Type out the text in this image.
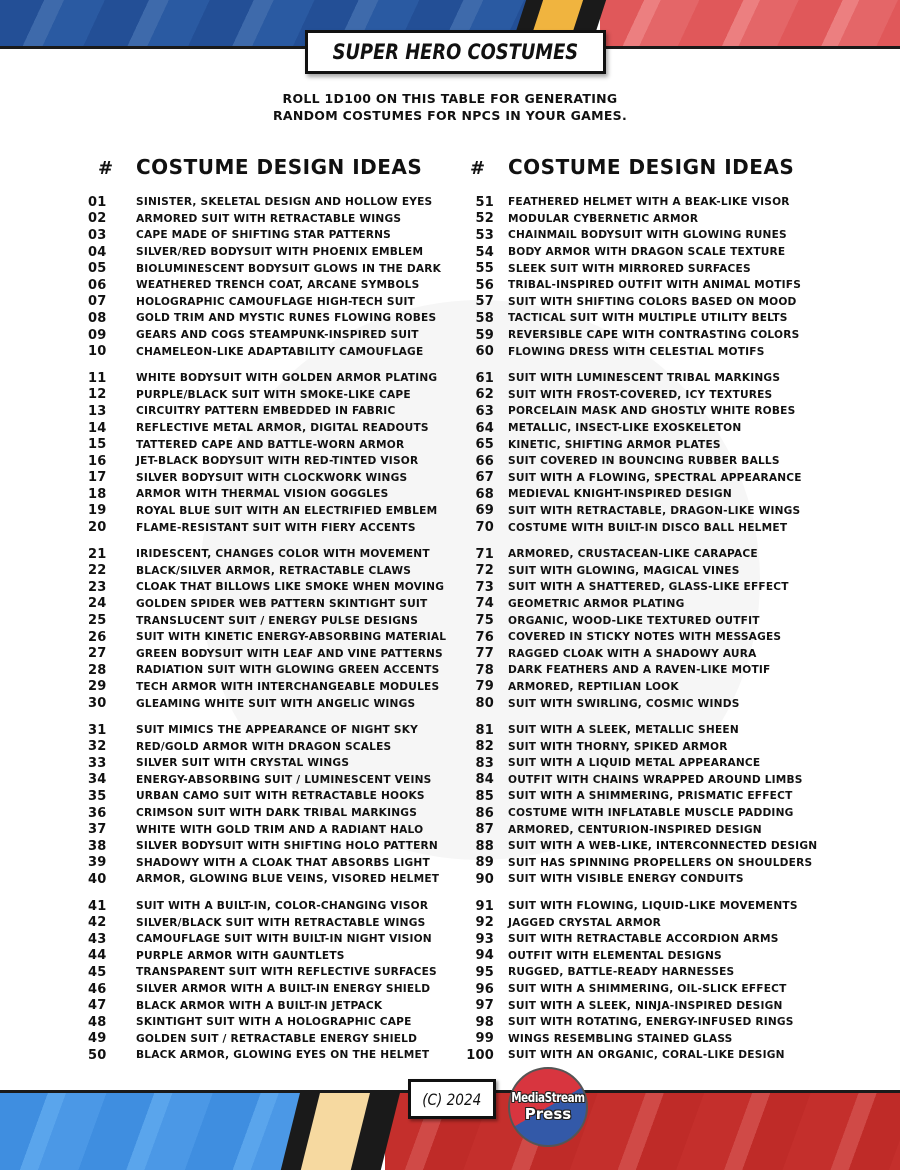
SUPER HERO COSTUMES
ROLL 1D100 ON THIS TABLE FOR GENERATING
RANDOM COSTUMES FOR NPCS IN YOUR GAMES.
#	COSTUME DESIGN IDEAS
01	SINISTER, SKELETAL DESIGN AND HOLLOW EYES
02	ARMORED SUIT WITH RETRACTABLE WINGS
03	CAPE MADE OF SHIFTING STAR PATTERNS
04	SILVER/RED BODYSUIT WITH PHOENIX EMBLEM
05	BIOLUMINESCENT BODYSUIT GLOWS IN THE DARK
06	WEATHERED TRENCH COAT, ARCANE SYMBOLS
07	HOLOGRAPHIC CAMOUFLAGE HIGH-TECH SUIT
08	GOLD TRIM AND MYSTIC RUNES FLOWING ROBES
09	GEARS AND COGS STEAMPUNK-INSPIRED SUIT
10	CHAMELEON-LIKE ADAPTABILITY CAMOUFLAGE
11	WHITE BODYSUIT WITH GOLDEN ARMOR PLATING
12	PURPLE/BLACK SUIT WITH SMOKE-LIKE CAPE
13	CIRCUITRY PATTERN EMBEDDED IN FABRIC
14	REFLECTIVE METAL ARMOR, DIGITAL READOUTS
15	TATTERED CAPE AND BATTLE-WORN ARMOR
16	JET-BLACK BODYSUIT WITH RED-TINTED VISOR
17	SILVER BODYSUIT WITH CLOCKWORK WINGS
18	ARMOR WITH THERMAL VISION GOGGLES
19	ROYAL BLUE SUIT WITH AN ELECTRIFIED EMBLEM
20	FLAME-RESISTANT SUIT WITH FIERY ACCENTS
21	IRIDESCENT, CHANGES COLOR WITH MOVEMENT
22	BLACK/SILVER ARMOR, RETRACTABLE CLAWS
23	CLOAK THAT BILLOWS LIKE SMOKE WHEN MOVING
24	GOLDEN SPIDER WEB PATTERN SKINTIGHT SUIT
25	TRANSLUCENT SUIT / ENERGY PULSE DESIGNS
26	SUIT WITH KINETIC ENERGY-ABSORBING MATERIAL
27	GREEN BODYSUIT WITH LEAF AND VINE PATTERNS
28	RADIATION SUIT WITH GLOWING GREEN ACCENTS
29	TECH ARMOR WITH INTERCHANGEABLE MODULES
30	GLEAMING WHITE SUIT WITH ANGELIC WINGS
31	SUIT MIMICS THE APPEARANCE OF NIGHT SKY
32	RED/GOLD ARMOR WITH DRAGON SCALES
33	SILVER SUIT WITH CRYSTAL WINGS
34	ENERGY-ABSORBING SUIT / LUMINESCENT VEINS
35	URBAN CAMO SUIT WITH RETRACTABLE HOOKS
36	CRIMSON SUIT WITH DARK TRIBAL MARKINGS
37	WHITE WITH GOLD TRIM AND A RADIANT HALO
38	SILVER BODYSUIT WITH SHIFTING HOLO PATTERN
39	SHADOWY WITH A CLOAK THAT ABSORBS LIGHT
40	ARMOR, GLOWING BLUE VEINS, VISORED HELMET
41	SUIT WITH A BUILT-IN, COLOR-CHANGING VISOR
42	SILVER/BLACK SUIT WITH RETRACTABLE WINGS
43	CAMOUFLAGE SUIT WITH BUILT-IN NIGHT VISION
44	PURPLE ARMOR WITH GAUNTLETS
45	TRANSPARENT SUIT WITH REFLECTIVE SURFACES
46	SILVER ARMOR WITH A BUILT-IN ENERGY SHIELD
47	BLACK ARMOR WITH A BUILT-IN JETPACK
48	SKINTIGHT SUIT WITH A HOLOGRAPHIC CAPE
49	GOLDEN SUIT / RETRACTABLE ENERGY SHIELD
50	BLACK ARMOR, GLOWING EYES ON THE HELMET
#	COSTUME DESIGN IDEAS
51	FEATHERED HELMET WITH A BEAK-LIKE VISOR
52	MODULAR CYBERNETIC ARMOR
53	CHAINMAIL BODYSUIT WITH GLOWING RUNES
54	BODY ARMOR WITH DRAGON SCALE TEXTURE
55	SLEEK SUIT WITH MIRRORED SURFACES
56	TRIBAL-INSPIRED OUTFIT WITH ANIMAL MOTIFS
57	SUIT WITH SHIFTING COLORS BASED ON MOOD
58	TACTICAL SUIT WITH MULTIPLE UTILITY BELTS
59	REVERSIBLE CAPE WITH CONTRASTING COLORS
60	FLOWING DRESS WITH CELESTIAL MOTIFS
61	SUIT WITH LUMINESCENT TRIBAL MARKINGS
62	SUIT WITH FROST-COVERED, ICY TEXTURES
63	PORCELAIN MASK AND GHOSTLY WHITE ROBES
64	METALLIC, INSECT-LIKE EXOSKELETON
65	KINETIC, SHIFTING ARMOR PLATES
66	SUIT COVERED IN BOUNCING RUBBER BALLS
67	SUIT WITH A FLOWING, SPECTRAL APPEARANCE
68	MEDIEVAL KNIGHT-INSPIRED DESIGN
69	SUIT WITH RETRACTABLE, DRAGON-LIKE WINGS
70	COSTUME WITH BUILT-IN DISCO BALL HELMET
71	ARMORED, CRUSTACEAN-LIKE CARAPACE
72	SUIT WITH GLOWING, MAGICAL VINES
73	SUIT WITH A SHATTERED, GLASS-LIKE EFFECT
74	GEOMETRIC ARMOR PLATING
75	ORGANIC, WOOD-LIKE TEXTURED OUTFIT
76	COVERED IN STICKY NOTES WITH MESSAGES
77	RAGGED CLOAK WITH A SHADOWY AURA
78	DARK FEATHERS AND A RAVEN-LIKE MOTIF
79	ARMORED, REPTILIAN LOOK
80	SUIT WITH SWIRLING, COSMIC WINDS
81	SUIT WITH A SLEEK, METALLIC SHEEN
82	SUIT WITH THORNY, SPIKED ARMOR
83	SUIT WITH A LIQUID METAL APPEARANCE
84	OUTFIT WITH CHAINS WRAPPED AROUND LIMBS
85	SUIT WITH A SHIMMERING, PRISMATIC EFFECT
86	COSTUME WITH INFLATABLE MUSCLE PADDING
87	ARMORED, CENTURION-INSPIRED DESIGN
88	SUIT WITH A WEB-LIKE, INTERCONNECTED DESIGN
89	SUIT HAS SPINNING PROPELLERS ON SHOULDERS
90	SUIT WITH VISIBLE ENERGY CONDUITS
91	SUIT WITH FLOWING, LIQUID-LIKE MOVEMENTS
92	JAGGED CRYSTAL ARMOR
93	SUIT WITH RETRACTABLE ACCORDION ARMS
94	OUTFIT WITH ELEMENTAL DESIGNS
95	RUGGED, BATTLE-READY HARNESSES
96	SUIT WITH A SHIMMERING, OIL-SLICK EFFECT
97	SUIT WITH A SLEEK, NINJA-INSPIRED DESIGN
98	SUIT WITH ROTATING, ENERGY-INFUSED RINGS
99	WINGS RESEMBLING STAINED GLASS
100	SUIT WITH AN ORGANIC, CORAL-LIKE DESIGN
(C) 2024 MediaStream
Press
